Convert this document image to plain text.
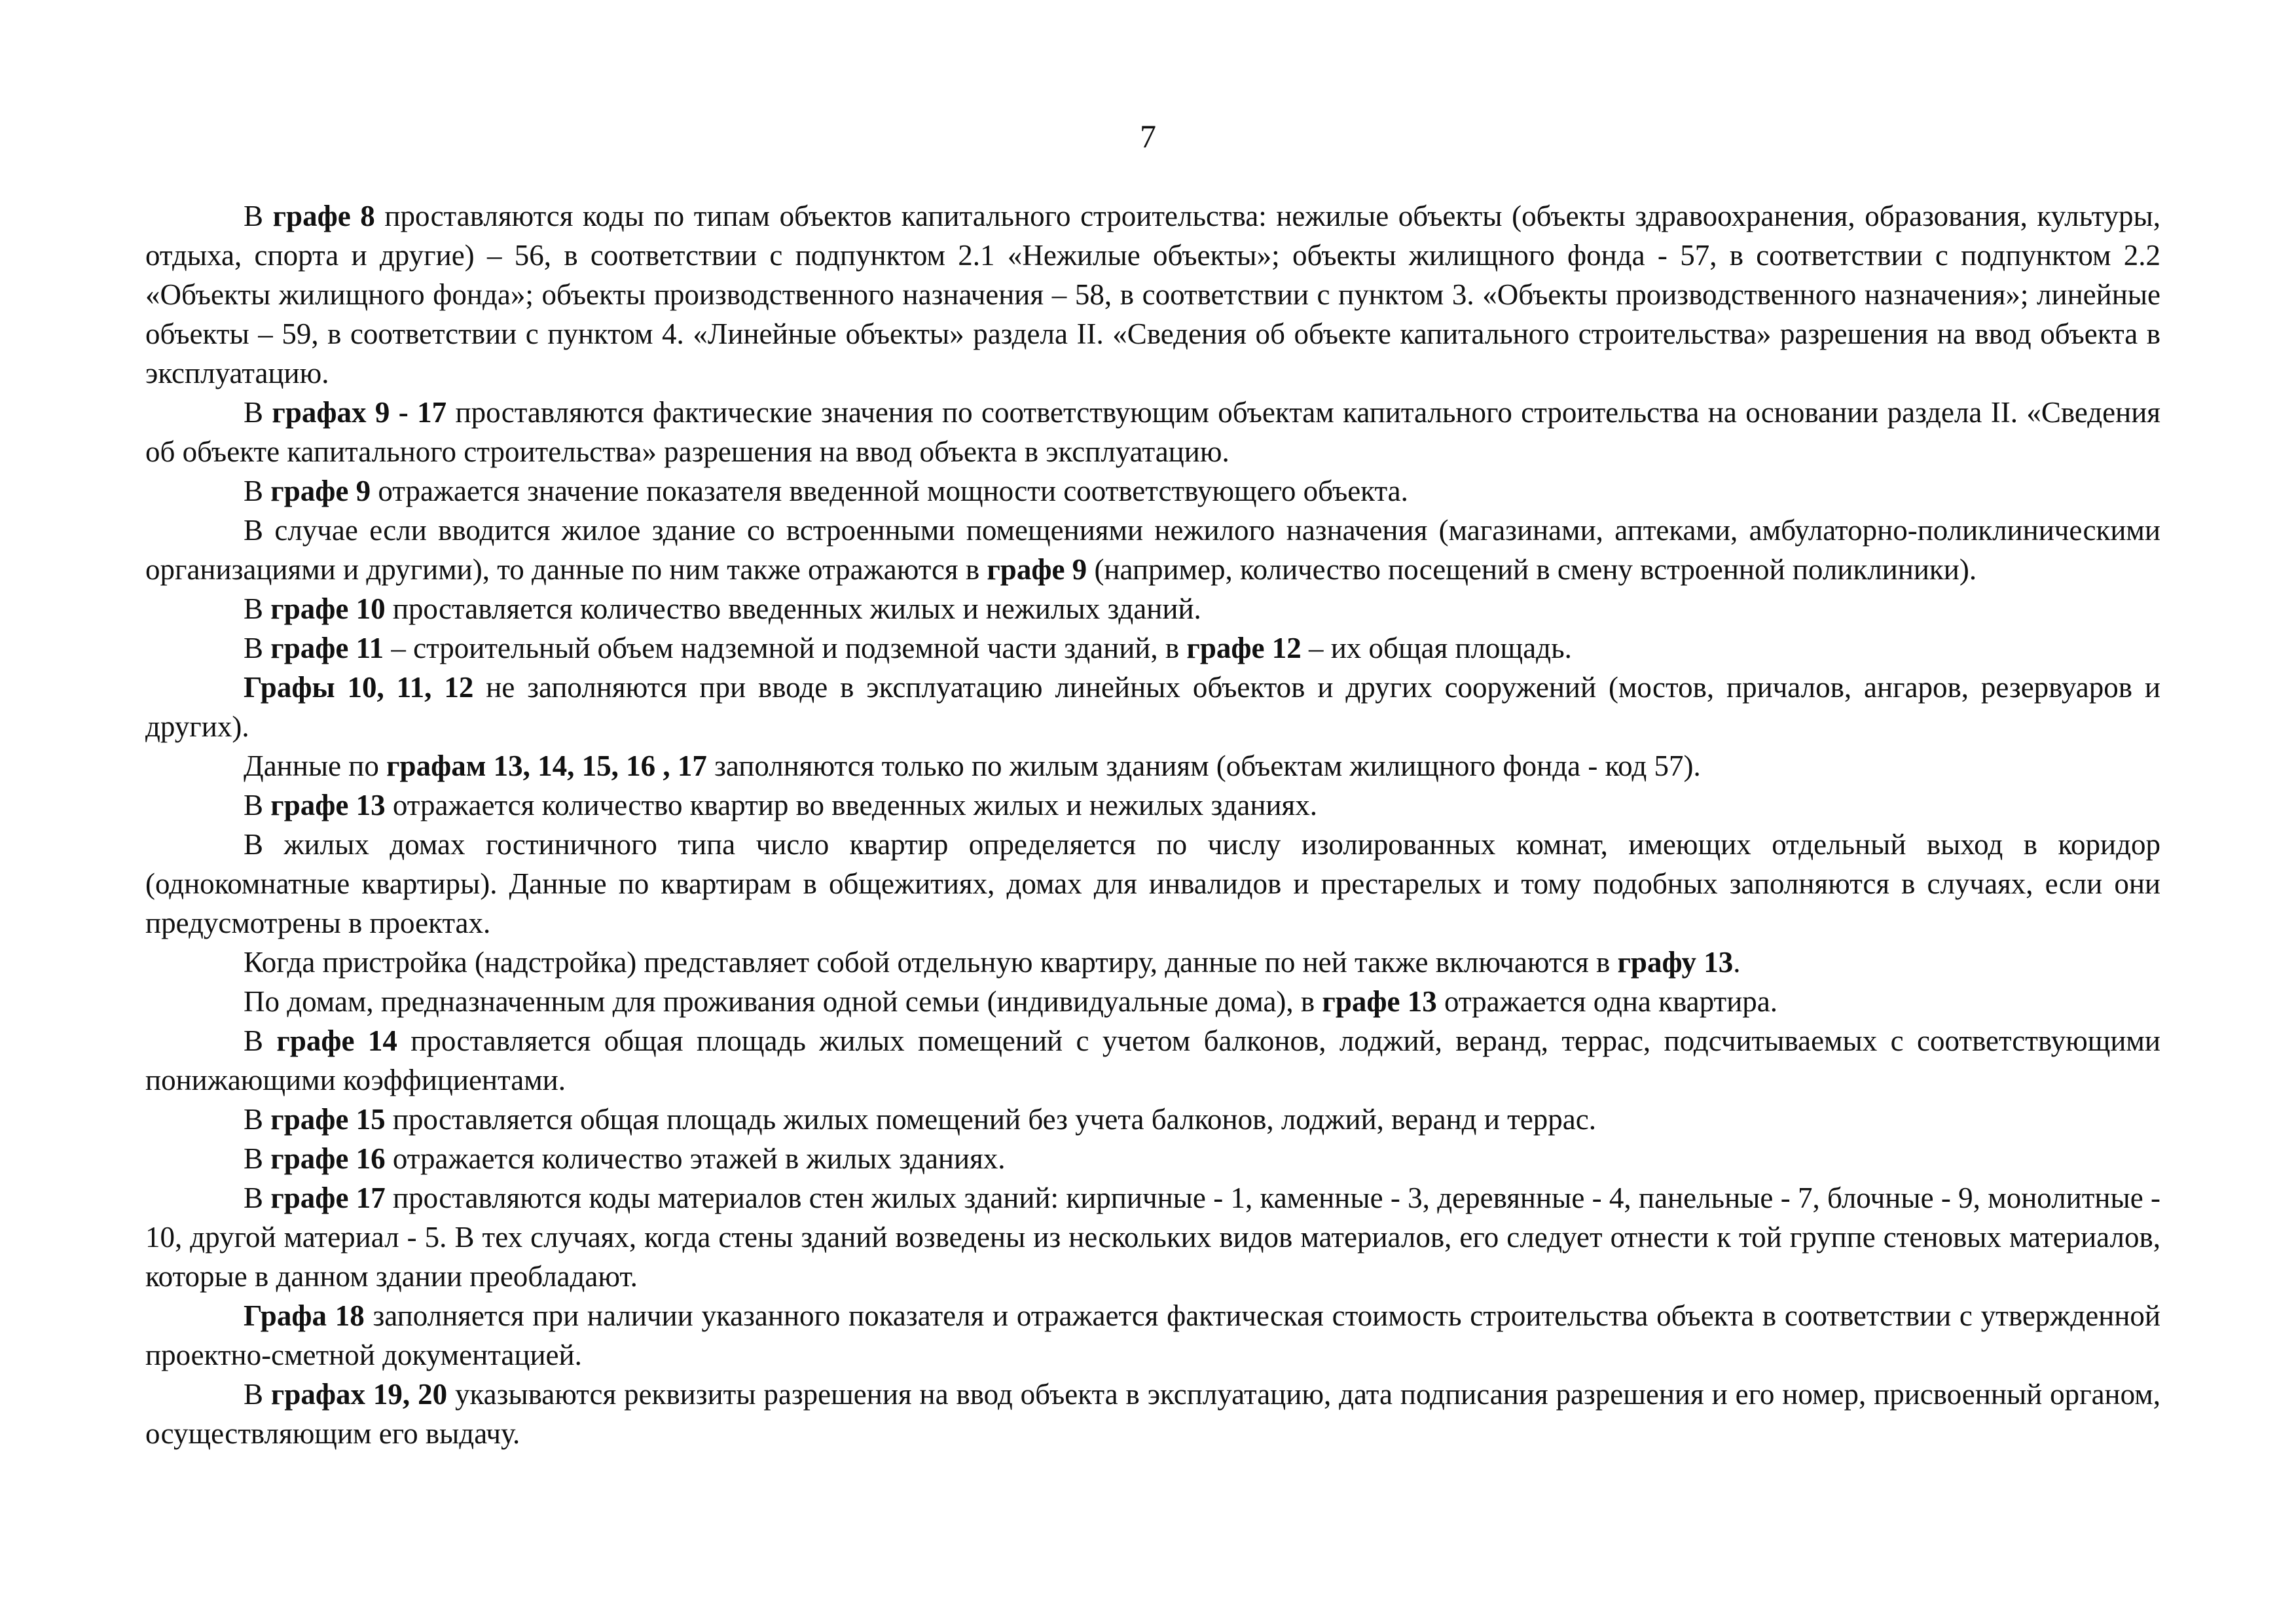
7

В графе 8 проставляются коды по типам объектов капитального строительства: нежилые объекты (объекты здравоохранения, образования, культуры, отдыха, спорта и другие) – 56, в соответствии с подпунктом 2.1 «Нежилые объекты»; объекты жилищного фонда - 57, в соответствии с подпунктом 2.2 «Объекты жилищного фонда»; объекты производственного назначения – 58, в соответствии с пунктом 3. «Объекты производственного назначения»; линейные объекты – 59, в соответствии с пунктом 4. «Линейные объекты» раздела II. «Сведения об объекте капитального строительства» разрешения на ввод объекта в эксплуатацию.

В графах 9 - 17 проставляются фактические значения по соответствующим объектам капитального строительства на основании раздела II. «Сведения об объекте капитального строительства» разрешения на ввод объекта в эксплуатацию.

В графе 9 отражается значение показателя введенной мощности соответствующего объекта.

В случае если вводится жилое здание со встроенными помещениями нежилого назначения (магазинами, аптеками, амбулаторно-поликлиническими организациями и другими), то данные по ним также отражаются в графе 9 (например, количество посещений в смену встроенной поликлиники).

В графе 10 проставляется количество введенных жилых и нежилых зданий.

В графе 11 – строительный объем надземной и подземной части зданий, в графе 12 – их общая площадь.

Графы 10, 11, 12 не заполняются при вводе в эксплуатацию линейных объектов и других сооружений (мостов, причалов, ангаров, резервуаров и других).

Данные по графам 13, 14, 15, 16 , 17 заполняются только по жилым зданиям (объектам жилищного фонда - код 57).

В графе 13 отражается количество квартир во введенных жилых и нежилых зданиях.

В жилых домах гостиничного типа число квартир определяется по числу изолированных комнат, имеющих отдельный выход в коридор (однокомнатные квартиры). Данные по квартирам в общежитиях, домах для инвалидов и престарелых и тому подобных заполняются в случаях, если они предусмотрены в проектах.

Когда пристройка (надстройка) представляет собой отдельную квартиру, данные по ней также включаются в графу 13.

По домам, предназначенным для проживания одной семьи (индивидуальные дома), в графе 13 отражается одна квартира.

В графе 14 проставляется общая площадь жилых помещений с учетом балконов, лоджий, веранд, террас, подсчитываемых с соответствующими понижающими коэффициентами.

В графе 15 проставляется общая площадь жилых помещений без учета балконов, лоджий, веранд и террас.

В графе 16 отражается количество этажей в жилых зданиях.

В графе 17 проставляются коды материалов стен жилых зданий: кирпичные - 1, каменные - 3, деревянные - 4, панельные - 7, блочные - 9, монолитные - 10, другой материал - 5. В тех случаях, когда стены зданий возведены из нескольких видов материалов, его следует отнести к той группе стеновых материалов, которые в данном здании преобладают.

Графа 18 заполняется при наличии указанного показателя и отражается фактическая стоимость строительства объекта в соответствии с утвержденной проектно-сметной документацией.

В графах 19, 20 указываются реквизиты разрешения на ввод объекта в эксплуатацию, дата подписания разрешения и его номер, присвоенный органом, осуществляющим его выдачу.
